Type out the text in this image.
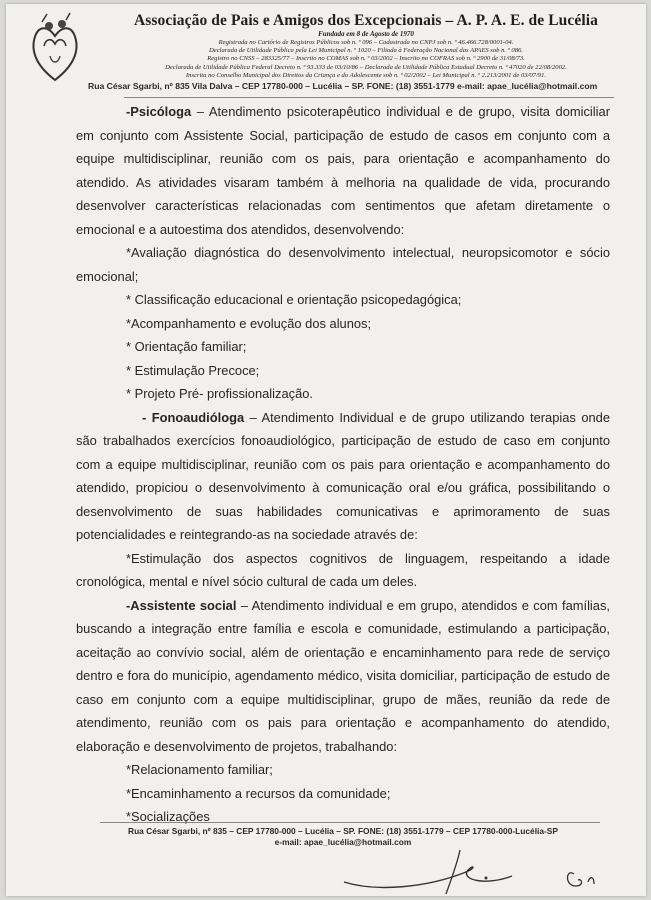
Associação de Pais e Amigos dos Excepcionais – A. P. A. E. de Lucélia
Fundada em 8 de Agosto de 1970
Registrada no Cartório de Registros Públicos sob n. º 096 – Cadastrada no CNPJ sob n. º 46.466.728/0001-04.
Declarada de Utilidade Pública pela Lei Municipal n. º 1020 – Filiada à Federação Nacional das APAES sob n. º 086.
Registro no CNSS – 283325/77 – Inscrito no COMAS sob n. º 03/2002 – Inscrito no COFRAS sob n. º 2900 de 31/08/73.
Declarada de Utilidade Pública Federal Decreto n. º 93.333 de 03/10/86 – Declarada de Utilidade Pública Estadual Decreto n. º 47020 de 22/08/2002.
Inscrita no Conselho Municipal dos Direitos da Criança e do Adolescente sob n. º 02/2002 – Lei Municipal n. º 2.213/2001 de 03/07/91.
Rua César Sgarbi, nº 835 Vila Dalva – CEP 17780-000 – Lucélia – SP. FONE: (18) 3551-1779 e-mail: apae_lucélia@hotmail.com

-Psicóloga – Atendimento psicoterapêutico individual e de grupo, visita domiciliar em conjunto com Assistente Social, participação de estudo de casos em conjunto com a equipe multidisciplinar, reunião com os pais, para orientação e acompanhamento do atendido. As atividades visaram também à melhoria na qualidade de vida, procurando desenvolver características relacionadas com sentimentos que afetam diretamente o emocional e a autoestima dos atendidos, desenvolvendo:

*Avaliação diagnóstica do desenvolvimento intelectual, neuropsicomotor e sócio emocional;

* Classificação educacional e orientação psicopedagógica;

*Acompanhamento e evolução dos alunos;

* Orientação familiar;

* Estimulação Precoce;

* Projeto Pré- profissionalização.

- Fonoaudióloga – Atendimento Individual e de grupo utilizando terapias onde são trabalhados exercícios fonoaudiológico, participação de estudo de caso em conjunto com a equipe multidisciplinar, reunião com os pais para orientação e acompanhamento do atendido, propiciou o desenvolvimento à comunicação oral e/ou gráfica, possibilitando o desenvolvimento de suas habilidades comunicativas e aprimoramento de suas potencialidades e reintegrando-as na sociedade através de:

*Estimulação dos aspectos cognitivos de linguagem, respeitando a idade cronológica, mental e nível sócio cultural de cada um deles.

-Assistente social – Atendimento individual e em grupo, atendidos e com famílias, buscando a integração entre família e escola e comunidade, estimulando a participação, aceitação ao convívio social, além de orientação e encaminhamento para rede de serviço dentro e fora do município, agendamento médico, visita domiciliar, participação de estudo de caso em conjunto com a equipe multidisciplinar, grupo de mães, reunião da rede de atendimento, reunião com os pais para orientação e acompanhamento do atendido, elaboração e desenvolvimento de projetos, trabalhando:

*Relacionamento familiar;

*Encaminhamento a recursos da comunidade;

*Socializações

Rua César Sgarbi, nº 835 – CEP 17780-000 – Lucélia – SP. FONE: (18) 3551-1779 – CEP 17780-000-Lucélia-SP
e-mail: apae_lucélia@hotmail.com
